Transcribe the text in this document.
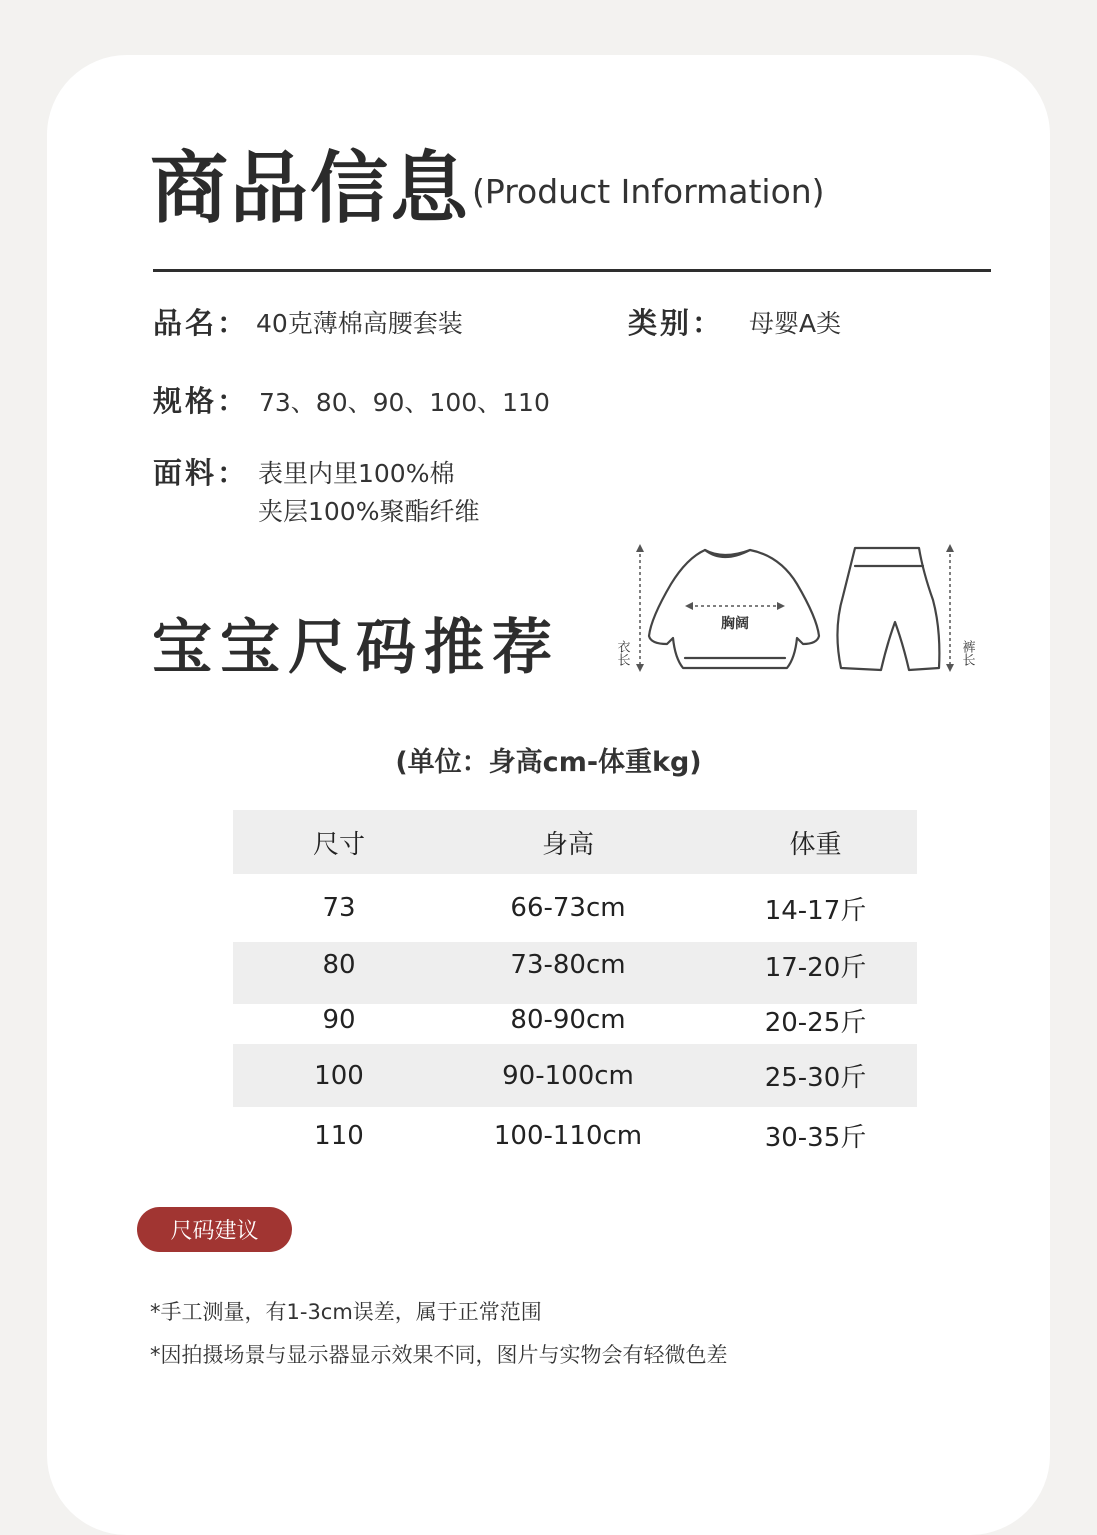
商品信息 (Product Information)
品名： 40克薄棉高腰套装	类别： 母婴A类
规格： 73、80、90、100、110
面料： 表里内里100%棉
夹层100%聚酯纤维
宝宝尺码推荐	胸阔
衣长	裤长
(单位：身高cm-体重kg)
尺寸	身高	体重
73	66-73cm	14-17斤
80	73-80cm	17-20斤
90	80-90cm	20-25斤
100	90-100cm	25-30斤
110	100-110cm	30-35斤
尺码建议
*手工测量，有1-3cm误差，属于正常范围
*因拍摄场景与显示器显示效果不同，图片与实物会有轻微色差
